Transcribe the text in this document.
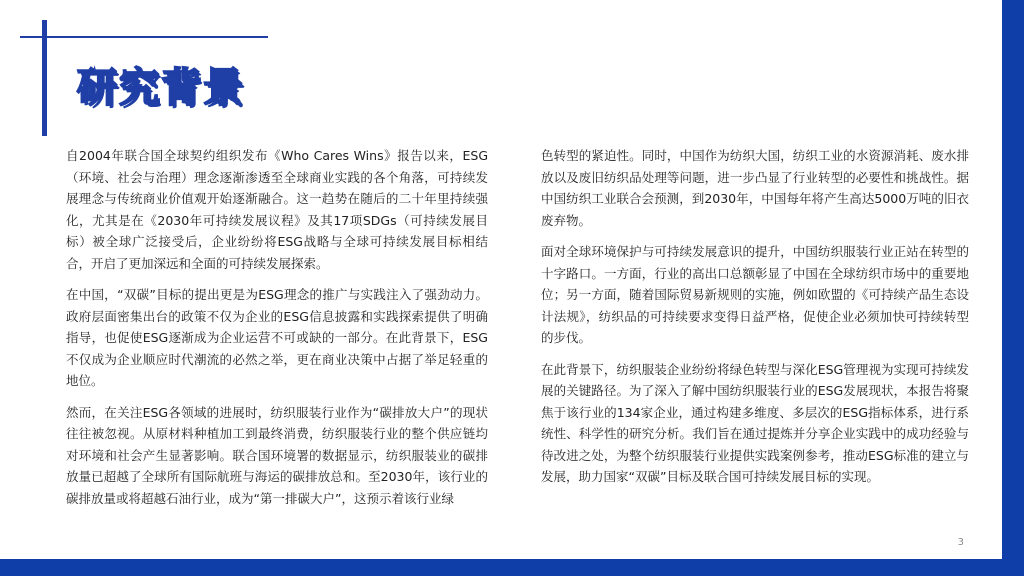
研究背景

自2004年联合国全球契约组织发布《Who Cares Wins》报告以来，ESG（环境、社会与治理）理念逐渐渗透至全球商业实践的各个角落，可持续发展理念与传统商业价值观开始逐渐融合。这一趋势在随后的二十年里持续强化，尤其是在《2030年可持续发展议程》及其17项SDGs（可持续发展目标）被全球广泛接受后，企业纷纷将ESG战略与全球可持续发展目标相结合，开启了更加深远和全面的可持续发展探索。

在中国，“双碳”目标的提出更是为ESG理念的推广与实践注入了强劲动力。政府层面密集出台的政策不仅为企业的ESG信息披露和实践探索提供了明确指导，也促使ESG逐渐成为企业运营不可或缺的一部分。在此背景下，ESG不仅成为企业顺应时代潮流的必然之举，更在商业决策中占据了举足轻重的地位。

然而，在关注ESG各领域的进展时，纺织服装行业作为“碳排放大户”的现状往往被忽视。从原材料种植加工到最终消费，纺织服装行业的整个供应链均对环境和社会产生显著影响。联合国环境署的数据显示，纺织服装业的碳排放量已超越了全球所有国际航班与海运的碳排放总和。至2030年，该行业的碳排放量或将超越石油行业，成为“第一排碳大户”，这预示着该行业绿

色转型的紧迫性。同时，中国作为纺织大国，纺织工业的水资源消耗、废水排放以及废旧纺织品处理等问题，进一步凸显了行业转型的必要性和挑战性。据中国纺织工业联合会预测，到2030年，中国每年将产生高达5000万吨的旧衣废弃物。

面对全球环境保护与可持续发展意识的提升，中国纺织服装行业正站在转型的十字路口。一方面，行业的高出口总额彰显了中国在全球纺织市场中的重要地位；另一方面，随着国际贸易新规则的实施，例如欧盟的《可持续产品生态设计法规》，纺织品的可持续要求变得日益严格，促使企业必须加快可持续转型的步伐。

在此背景下，纺织服装企业纷纷将绿色转型与深化ESG管理视为实现可持续发展的关键路径。为了深入了解中国纺织服装行业的ESG发展现状，本报告将聚焦于该行业的134家企业，通过构建多维度、多层次的ESG指标体系，进行系统性、科学性的研究分析。我们旨在通过提炼并分享企业实践中的成功经验与待改进之处，为整个纺织服装行业提供实践案例参考，推动ESG标准的建立与发展，助力国家“双碳”目标及联合国可持续发展目标的实现。

3
